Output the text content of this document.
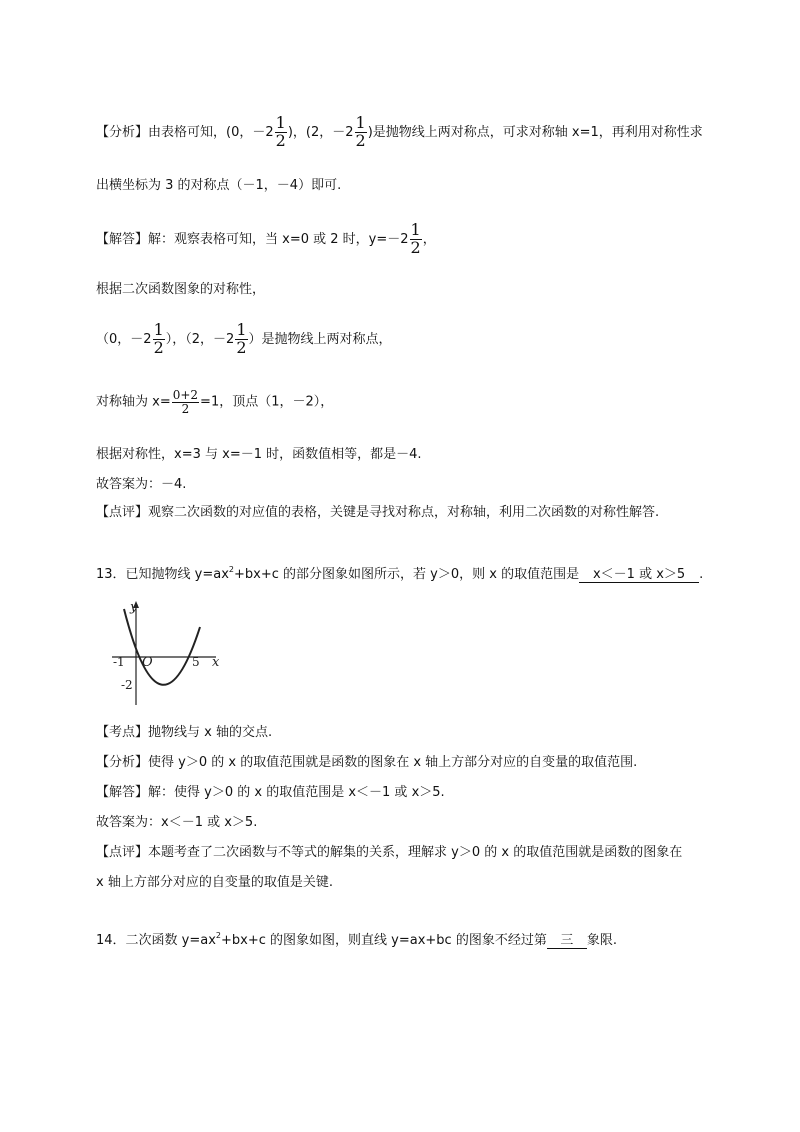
【分析】由表格可知，(0，$-2 \frac{1}{2}$ )，(2，$-2 \frac{1}{2}$ )是抛物线上两对称点，可求对称轴 x=1，再利用对称性求
出横坐标为 3 的对称点（－1，－4）即可.
【解答】解：观察表格可知，当 x=0 或 2 时，$y=-2 \frac{1}{2}$ ，
根据二次函数图象的对称性，
（0，$-2 \frac{1}{2}$ ），（2，$-2 \frac{1}{2}$ ）是抛物线上两对称点，
对称轴为 $x= \frac{0+2}{2} =1$，顶点（1，－2），
根据对称性，x=3 与 x=－1 时，函数值相等，都是－4.
故答案为：－4.
【点评】观察二次函数的对应值的表格，关键是寻找对称点，对称轴，利用二次函数的对称性解答.
13．已知抛物线 $y=ax^2+bx+c$ 的部分图象如图所示，若 y＞0，则 x 的取值范围是 x＜－1 或 x＞5 .
y
x
O
-1	5
-2
【考点】抛物线与 x 轴的交点.
【分析】使得 y＞0 的 x 的取值范围就是函数的图象在 x 轴上方部分对应的自变量的取值范围.
【解答】解：使得 y＞0 的 x 的取值范围是 x＜－1 或 x＞5.
故答案为：x＜－1 或 x＞5.
【点评】本题考查了二次函数与不等式的解集的关系，理解求 y＞0 的 x 的取值范围就是函数的图象在
x 轴上方部分对应的自变量的取值是关键.
14．二次函数 $y=ax^2+bx+c$ 的图象如图，则直线 y=ax+bc 的图象不经过第 三 象限.
